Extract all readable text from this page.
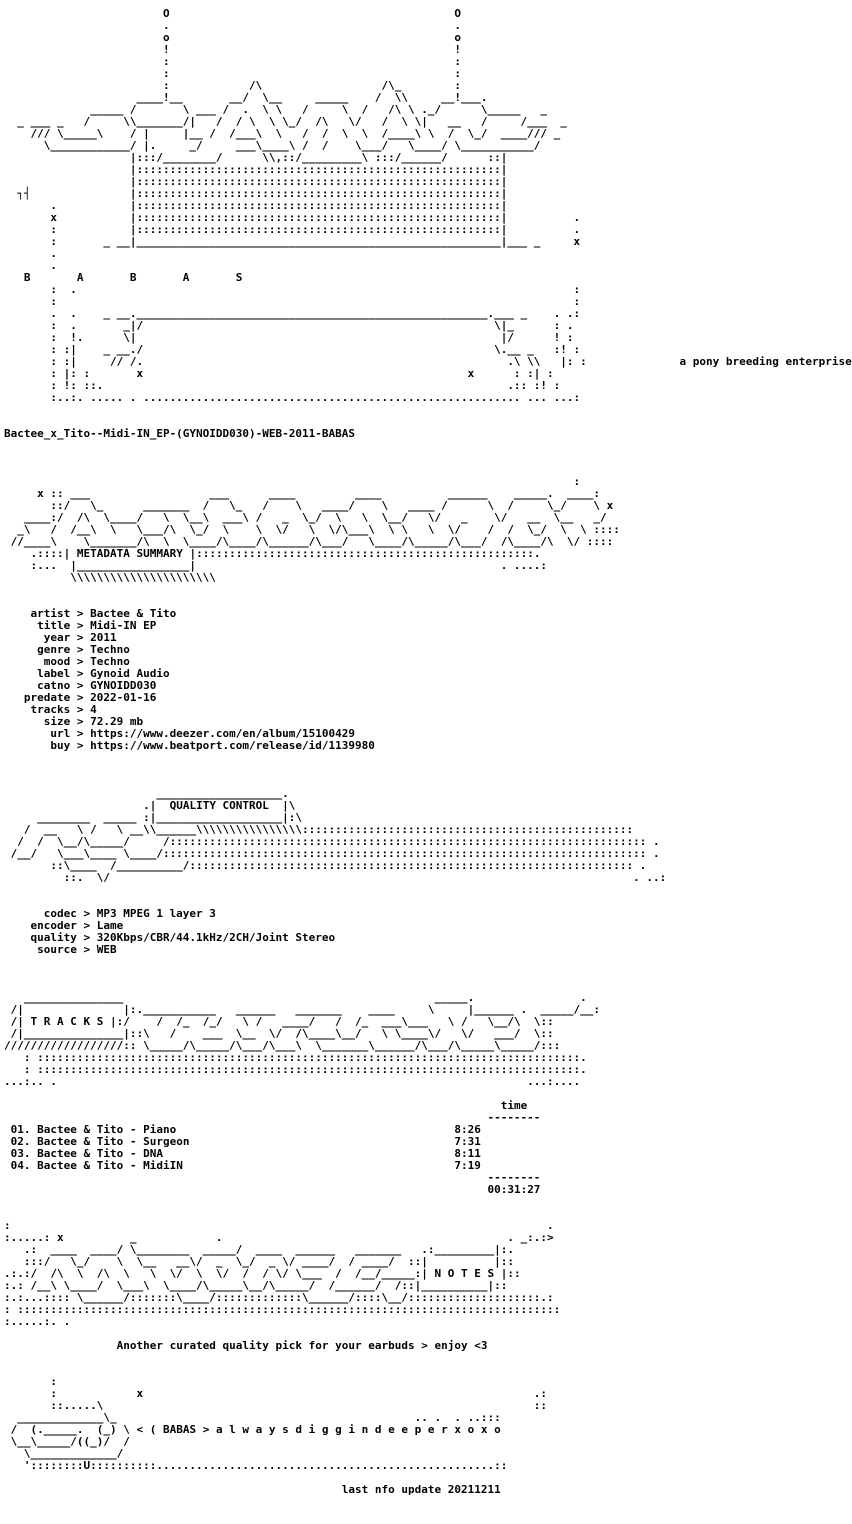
O                                           O
.                                           .
o                                           o
!                                           !
:                                           :
:                                           :
:            /\                  /\_        :
____!__       __/  \__     _____    /  \\     __!___.
_____ /       \ ___ /  .  \ \   /     \  /   /\ \ ._/      \_____   _
_ ___ _   /     \\_______/|   /  / \  \ \_/  /\   \/   /  \ \|   __   /     /___  _
/// \_____\    / |     |__ /  /___\  \   /  /  \  \  /____\ \  /  \_/  ____/// _
\____________/ |.     _/     ___\____\ /  /    \___/   \____/ \___________/
|:::/________/      \\,::/_________\ :::/______/      ::|
|:::::::::::::::::::::::::::::::::::::::::::::::::::::::|
|:::::::::::::::::::::::::::::::::::::::::::::::::::::::|
┐┤               |:::::::::::::::::::::::::::::::::::::::::::::::::::::::|
.           |:::::::::::::::::::::::::::::::::::::::::::::::::::::::|
x           |:::::::::::::::::::::::::::::::::::::::::::::::::::::::|          .
:           |:::::::::::::::::::::::::::::::::::::::::::::::::::::::|          .
:       _ __|_______________________________________________________|___ _     x
.
.
B       A       B       A       S
:  .                                                                           :
:                                                                              :
.  .    _ __._____________________________________________________.___ _    . .:
:  .       _|/                                                     \|_      : .
:  !.      \|                                                       |/      ! :
: :|    _ __./                                                     \.__ _   :! :
: :|     // /.                                                       .\ \\   |: :	a pony breeding enterprise
: |: :       x                                                 x      : :| :
: !: ::.                                                             .:: :! :
:..:. ..... . ......................................................... ... ...:

Bactee_x_Tito--Midi-IN_EP-(GYNOIDD030)-WEB-2011-BABAS

:
x :: ___                  ___      ____         ____          ______    _____.  ____:
::/   \_      _______  /   \_   /    \   ____/    \   ____ /      \  /     \_/    \ x
____:/  /\  \____/   \  \__\  ___\ /   _  \_/  \   \  \__/   \/   _    \/   __  \__   _/
_\   /  /__\  \   \___/\  \_/  \    \  \/   \  \/\___\  \ \   \  \/    /  /  \_/  \  \ ::::
//____\    \_______/\  \  \____/\____/\______/\___/   \____/\_____/\___/  /\____/\  \/ ::::
.::::| METADATA SUMMARY |:::::::::::::::::::::::::::::::::::::::::::::::::::.
:...  |_________________|                                              . ....:
\\\\\\\\\\\\\\\\\\\\\\

artist > Bactee & Tito
title > Midi-IN EP
year > 2011
genre > Techno
mood > Techno
label > Gynoid Audio
catno > GYNOIDD030
predate > 2022-01-16
tracks > 4
size > 72.29 mb
url > https://www.deezer.com/en/album/15100429
buy > https://www.beatport.com/release/id/1139980

___________________.
.|  QUALITY CONTROL  |\
________  _____ :|___________________|:\
/  __   \ /   \ __\\______\\\\\\\\\\\\\\\\::::::::::::::::::::::::::::::::::::::::::::::::::
/  /  \__/\_____/     /:::::::::::::::::::::::::::::::::::::::::::::::::::::::::::::::::::::::: .
/__/   \___\____ \____/::::::::::::::::::::::::::::::::::::::::::::::::::::::::::::::::::::::::: .
::\____  /__________/::::::::::::::::::::::::::::::::::::::::::::::::::::::::::::::::::: .
::.  \/                                                                               . ..:

codec > MP3 MPEG 1 layer 3
encoder > Lame
quality > 320Kbps/CBR/44.1kHz/2CH/Joint Stereo
source > WEB

_______________                                               _____.                .
/|               |:.___________   ______   _______    ____     \     |______ .  _____/__:
/| T R A C K S |:/    /  /_  /_/   \ /   ____/   /  /_  ___\___   \ /   \__/\  \::
/|_______________|::\   /    ___  \__  \/  /\____\__/   \ \____\/   \/   ___/  \::
//////////////////:: \_____/\_____/\___/\___\  \_______\______/\___/\_____\_____/:::
: ::::::::::::::::::::::::::::::::::::::::::::::::::::::::::::::::::::::::::::::::::.
: ::::::::::::::::::::::::::::::::::::::::::::::::::::::::::::::::::::::::::::::::::.
...:.. .                                                                       ...:....

time
--------
01. Bactee & Tito - Piano	8:26
02. Bactee & Tito - Surgeon	7:31
03. Bactee & Tito - DNA	8:11
04. Bactee & Tito - MidiIN	7:19
--------
00:31:27

:                                                                                 .
:.....: x          _            .                                           . _:.:>
.:  ____  ____/ \________  _____/  ____  ______   _______   .:_________|:.
:::/   \_/    \  \__   __\/  _  \_/  _ \/ ____/  / ____/  ::|          |::
.:.:/  /\  \  /\  \   \  \/  \  \/  /  / \/ \___  /  /__/_____:| N O T E S |::
:.: /__\ \____/  \___\  \____/\_____\__/\_____/  /______/  /::|__________|::
:.:...:::: \______/:::::::\____/:::::::::::::\______/::::\__/::::::::::::::::::::.:
: ::::::::::::::::::::::::::::::::::::::::::::::::::::::::::::::::::::::::::::::::::
:.....:. .

Another curated quality pick for your earbuds > enjoy <3

:
:            x                                                           .:
::.....\                                                                 ::
_____________\_                                             .. .  . ..:::
/  (._____.  (_) \ < ( BABAS > a l w a y s d i g g i n d e e p e r x o x o
\__\_____/((_)/  /
\_____________/
'::::::::U::::::::::...................................................::

last nfo update 20211211
